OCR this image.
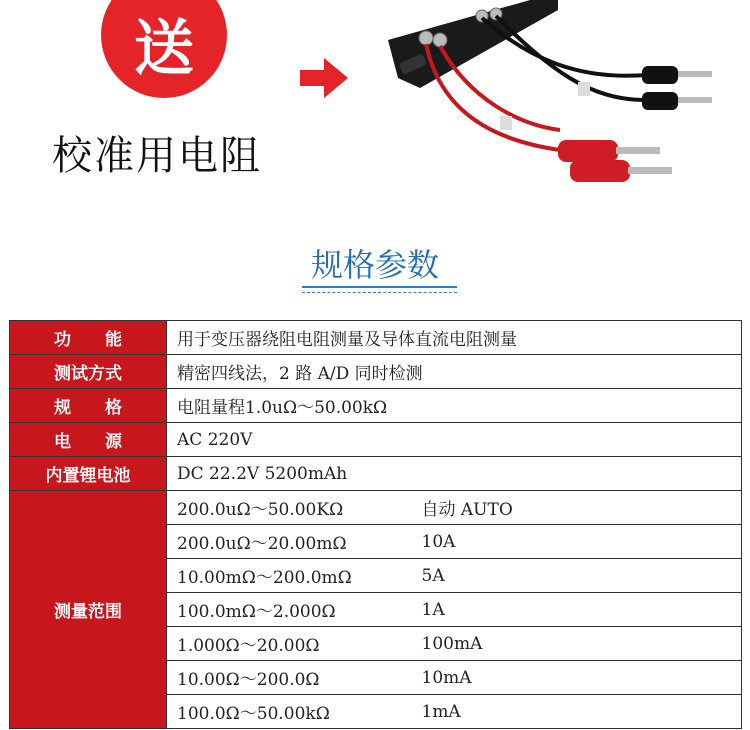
送
校准用电阻
规格参数
功　　能	用于变压器绕阻电阻测量及导体直流电阻测量	
测试方式	精密四线法，2 路 A/D 同时检测	
规　　格	电阻量程1.0uΩ～50.00kΩ	
电　　源	AC 220V	
内置锂电池	DC 22.2V 5200mAh	
测量范围	200.0uΩ～50.00KΩ	自动 AUTO
	200.0uΩ～20.00mΩ	10A
	10.00mΩ～200.0mΩ	5A
	100.0mΩ～2.000Ω	1A
	1.000Ω～20.00Ω	100mA
	10.00Ω～200.0Ω	10mA
	100.0Ω～50.00kΩ	1mA
